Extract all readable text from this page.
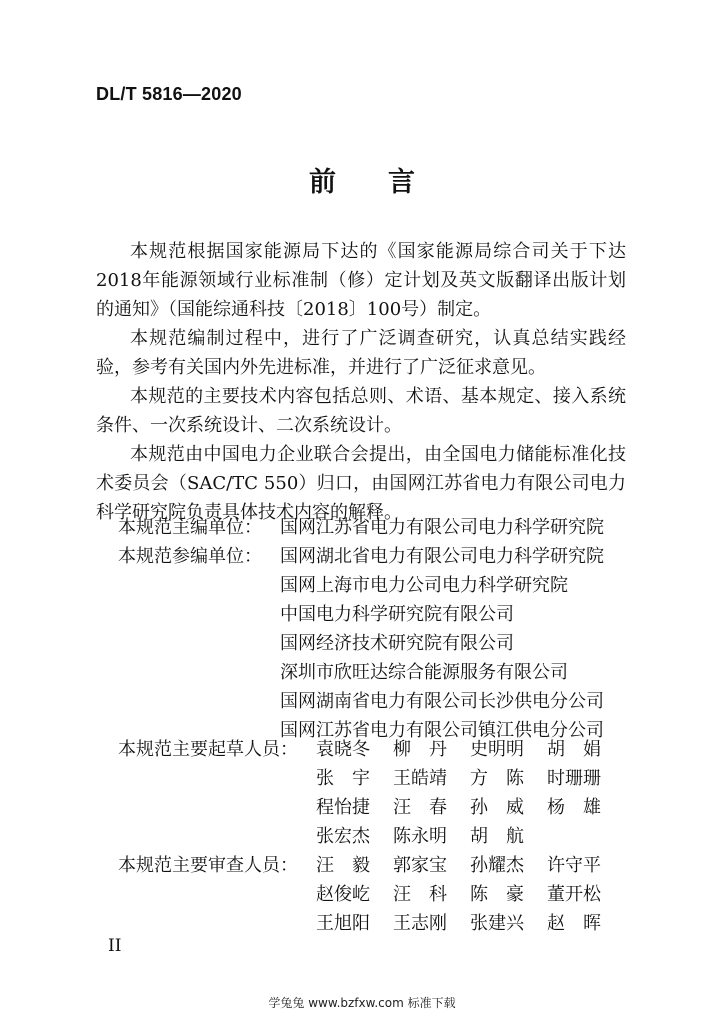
DL/T 5816—2020
前 言

本规范根据国家能源局下达的《国家能源局综合司关于下达2018年能源领域行业标准制（修）定计划及英文版翻译出版计划的通知》（国能综通科技〔2018〕100号）制定。

本规范编制过程中，进行了广泛调查研究，认真总结实践经验，参考有关国内外先进标准，并进行了广泛征求意见。

本规范的主要技术内容包括总则、术语、基本规定、接入系统条件、一次系统设计、二次系统设计。

本规范由中国电力企业联合会提出，由全国电力储能标准化技术委员会（SAC/TC 550）归口，由国网江苏省电力有限公司电力科学研究院负责具体技术内容的解释。

本规范主编单位：	国网江苏省电力有限公司电力科学研究院
本规范参编单位：	国网湖北省电力有限公司电力科学研究院
国网上海市电力公司电力科学研究院
中国电力科学研究院有限公司
国网经济技术研究院有限公司
深圳市欣旺达综合能源服务有限公司
国网湖南省电力有限公司长沙供电分公司
国网江苏省电力有限公司镇江供电分公司
本规范主要起草人员：	袁晓冬	柳　丹	史明明	胡　娟
张　宇	王皓靖	方　陈	时珊珊
程怡捷	汪　春	孙　威	杨　雄
张宏杰	陈永明	胡　航
本规范主要审查人员：	汪　毅	郭家宝	孙耀杰	许守平
赵俊屹	汪　科	陈　豪	董开松
王旭阳	王志刚	张建兴	赵　晖
II
学兔兔 www.bzfxw.com 标准下载
